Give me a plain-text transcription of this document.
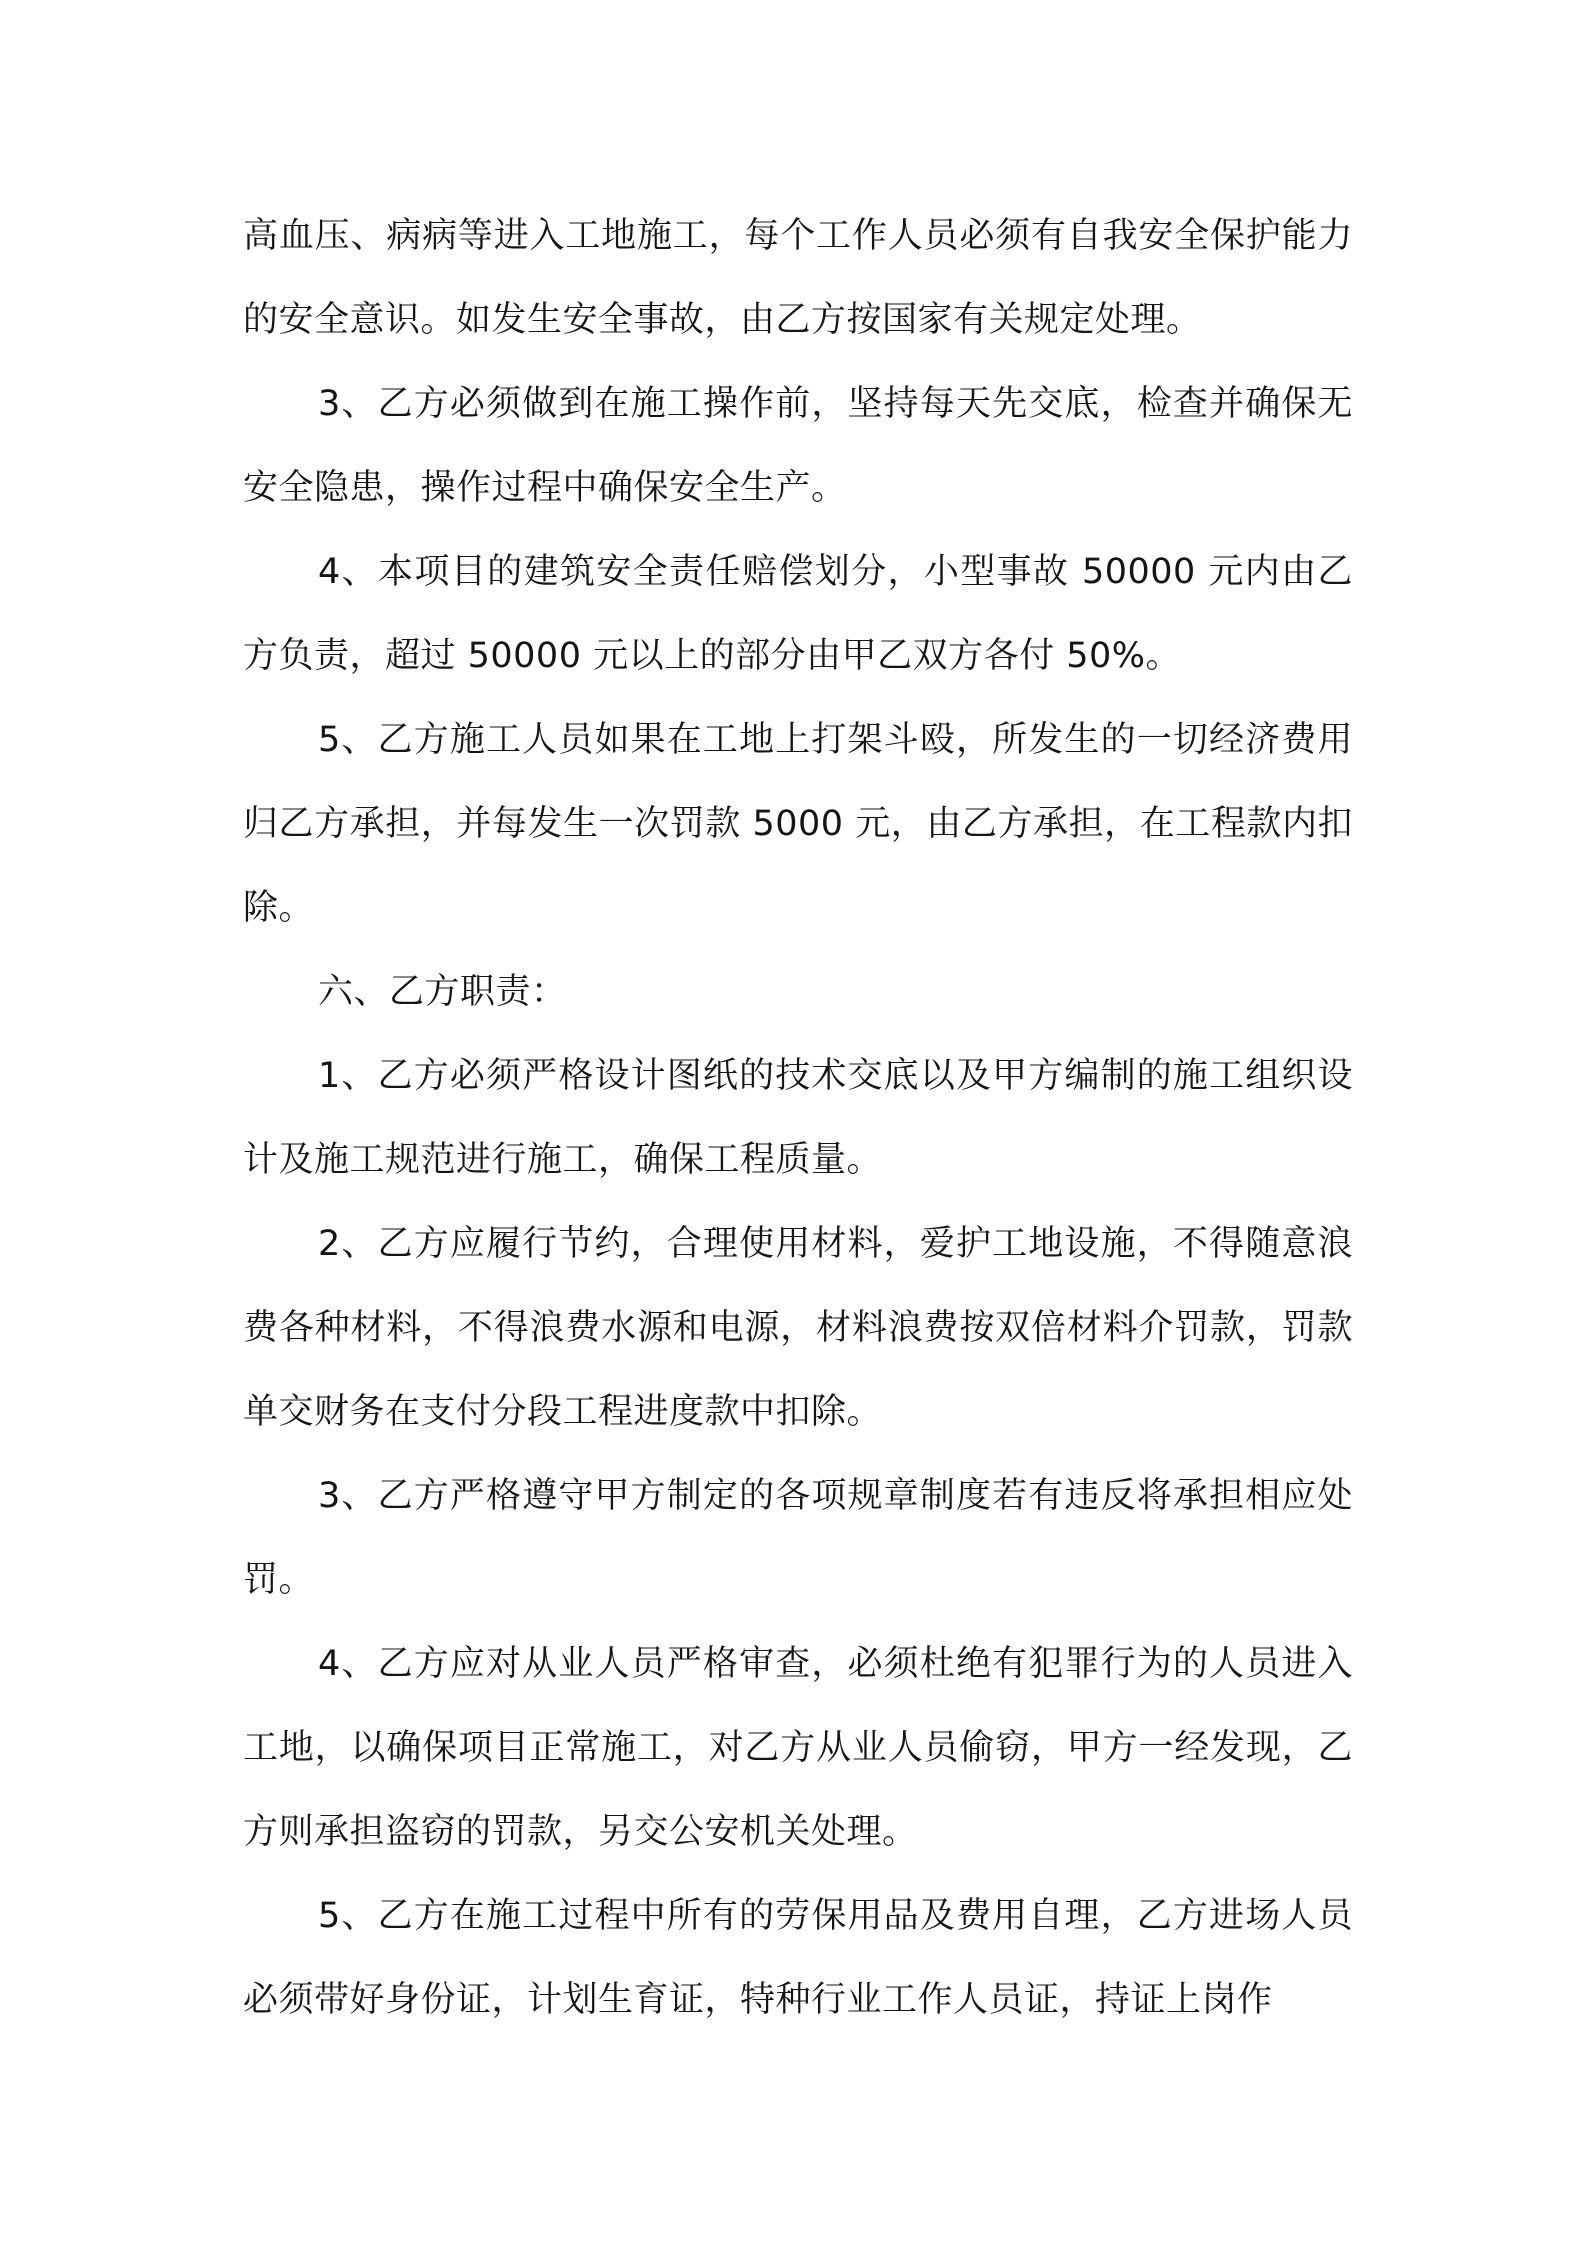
高血压、病病等进入工地施工，每个工作人员必须有自我安全保护能力的安全意识。如发生安全事故，由乙方按国家有关规定处理。

3、乙方必须做到在施工操作前，坚持每天先交底，检查并确保无安全隐患，操作过程中确保安全生产。

4、本项目的建筑安全责任赔偿划分，小型事故 50000 元内由乙方负责，超过 50000 元以上的部分由甲乙双方各付 50%。

5、乙方施工人员如果在工地上打架斗殴，所发生的一切经济费用归乙方承担，并每发生一次罚款 5000 元，由乙方承担，在工程款内扣除。

六、乙方职责：

1、乙方必须严格设计图纸的技术交底以及甲方编制的施工组织设计及施工规范进行施工，确保工程质量。

2、乙方应履行节约，合理使用材料，爱护工地设施，不得随意浪费各种材料，不得浪费水源和电源，材料浪费按双倍材料介罚款，罚款单交财务在支付分段工程进度款中扣除。

3、乙方严格遵守甲方制定的各项规章制度若有违反将承担相应处罚。

4、乙方应对从业人员严格审查，必须杜绝有犯罪行为的人员进入工地，以确保项目正常施工，对乙方从业人员偷窃，甲方一经发现，乙方则承担盗窃的罚款，另交公安机关处理。

5、乙方在施工过程中所有的劳保用品及费用自理，乙方进场人员必须带好身份证，计划生育证，特种行业工作人员证，持证上岗作
